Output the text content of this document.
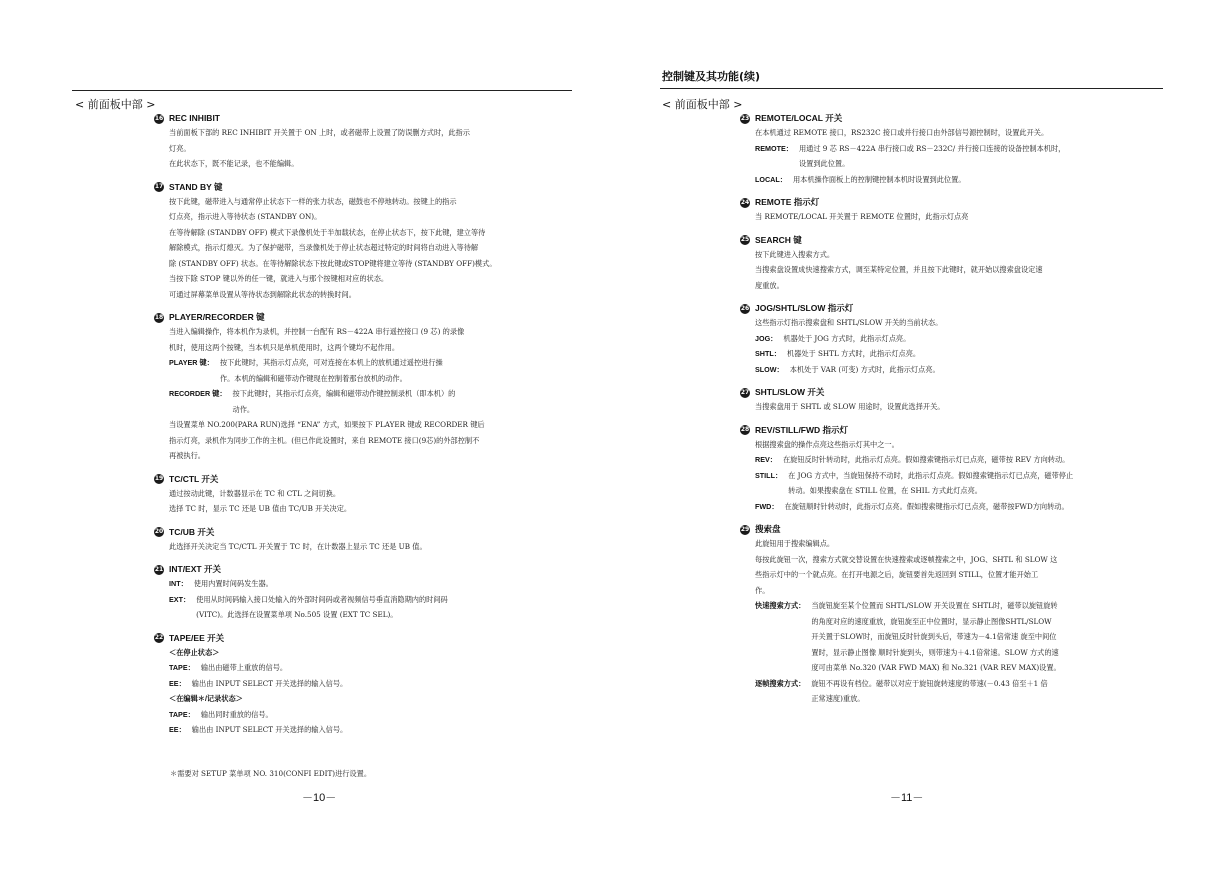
< 前面板中部 >
16 REC INHIBIT
当前面板下部的 REC INHIBIT 开关置于 ON 上时，或者磁带上设置了防误删方式时，此指示
灯亮。
在此状态下，既不能记录，也不能编辑。
17 STAND BY 键
按下此键，磁带进入与通常停止状态下一样的张力状态，磁鼓也不停地转动。按键上的指示
灯点亮，指示进入等待状态 (STANDBY ON)。
在等待解除 (STANDBY OFF) 模式下录像机处于半加载状态，在停止状态下，按下此键，建立等待
解除模式，指示灯熄灭。为了保护磁带，当录像机处于停止状态超过特定的时间将自动进入等待解
除 (STANDBY OFF) 状态。在等待解除状态下按此键或STOP键将建立等待 (STANDBY OFF)模式。
当按下除 STOP 键以外的任一键，就进入与那个按键相对应的状态。
可通过屏幕菜单设置从等待状态到解除此状态的转换时间。
18 PLAYER/RECORDER 键
当进入编辑操作，将本机作为录机，并控制一台配有 RS－422A 串行遥控接口 (9 芯) 的录像
机时，使用这两个按键，当本机只是单机使用时，这两个键均不起作用。
PLAYER 键： 按下此键时，其指示灯点亮，可对连接在本机上的放机通过遥控进行操
作。本机的编辑和磁带动作键现在控制着那台放机的动作。
RECORDER 键： 按下此键时，其指示灯点亮，编辑和磁带动作键控制录机（即本机）的
动作。
当设置菜单 NO.200(PARA RUN)选择 “ENA” 方式，如果按下 PLAYER 键或 RECORDER 键后
指示灯亮，录机作为同步工作的主机。(但已作此设置时，来自 REMOTE 接口(9芯)的外部控制不
再被执行。
19 TC/CTL 开关
通过按动此键，计数器显示在 TC 和 CTL 之间切换。
选择 TC 时，显示 TC 还是 UB 值由 TC/UB 开关决定。
20 TC/UB 开关
此选择开关决定当 TC/CTL 开关置于 TC 时，在计数器上显示 TC 还是 UB 值。
21 INT/EXT 开关
INT： 使用内置时间码发生器。
EXT： 使用从时间码输入接口处输入的外部时间码或者视频信号垂直消隐期内的时间码
(VITC)。此选择在设置菜单项 No.505 设置 (EXT TC SEL)。
22 TAPE/EE 开关
＜在停止状态＞
TAPE： 输出由磁带上重放的信号。
EE： 输出由 INPUT SELECT 开关选择的输入信号。
＜在编辑＊/记录状态＞
TAPE： 输出同时重放的信号。
EE： 输出由 INPUT SELECT 开关选择的输入信号。
＊需要对 SETUP 菜单项 NO. 310(CONFI EDIT)进行设置。
－10－
控制键及其功能(续)
< 前面板中部 >
23 REMOTE/LOCAL 开关
在本机通过 REMOTE 接口，RS232C 接口或并行接口由外部信号源控制时，设置此开关。
REMOTE： 用通过 9 芯 RS－422A 串行接口或 RS－232C/ 并行接口连接的设备控制本机时，
设置到此位置。
LOCAL： 用本机操作面板上的控制键控制本机时设置到此位置。
24 REMOTE 指示灯
当 REMOTE/LOCAL 开关置于 REMOTE 位置时，此指示灯点亮
25 SEARCH 键
按下此键进入搜索方式。
当搜索盘设置成快速搜索方式，调至某特定位置，并且按下此键时，就开始以搜索盘设定速
度重放。
26 JOG/SHTL/SLOW 指示灯
这些指示灯指示搜索盘和 SHTL/SLOW 开关的当前状态。
JOG： 机器处于 JOG 方式时，此指示灯点亮。
SHTL： 机器处于 SHTL 方式时，此指示灯点亮。
SLOW： 本机处于 VAR (可变) 方式时，此指示灯点亮。
27 SHTL/SLOW 开关
当搜索盘用于 SHTL 或 SLOW 用途时，设置此选择开关。
28 REV/STILL/FWD 指示灯
根据搜索盘的操作点亮这些指示灯其中之一。
REV： 在旋钮反时针转动时，此指示灯点亮。假如搜索键指示灯已点亮，磁带按 REV 方向转动。
STILL： 在 JOG 方式中，当旋钮保持不动时，此指示灯点亮。假如搜索键指示灯已点亮，磁带停止
转动。如果搜索盘在 STILL 位置，在 SHIL 方式此灯点亮。
FWD： 在旋钮顺时针转动时，此指示灯点亮。假如搜索键指示灯已点亮，磁带按FWD方向转动。
29 搜索盘
此旋钮用于搜索编辑点。
每按此旋钮一次，搜索方式就交替设置在快速搜索或逐帧搜索之中，JOG、SHTL 和 SLOW 这
些指示灯中的一个就点亮。在打开电源之后，旋钮要首先返回到 STILL，位置才能开始工
作。
快速搜索方式： 当旋钮旋至某个位置而 SHTL/SLOW 开关设置在 SHTL时，磁带以旋钮旋转
的角度对应的速度重放，旋钮旋至正中位置时，显示静止图像SHTL/SLOW
开关置于SLOW时，而旋钮反时针旋到头后，带速为－4.1倍常速 旋至中间位
置时，显示静止图像 顺时针旋到头，则带速为＋4.1倍常速。SLOW 方式的速
度可由菜单 No.320 (VAR FWD MAX) 和 No.321 (VAR REV MAX)设置。
逐帧搜索方式： 旋钮不再设有档位。磁带以对应于旋钮旋转速度的带速(－0.43 倍至＋1 倍
正常速度)重放。
－11－
